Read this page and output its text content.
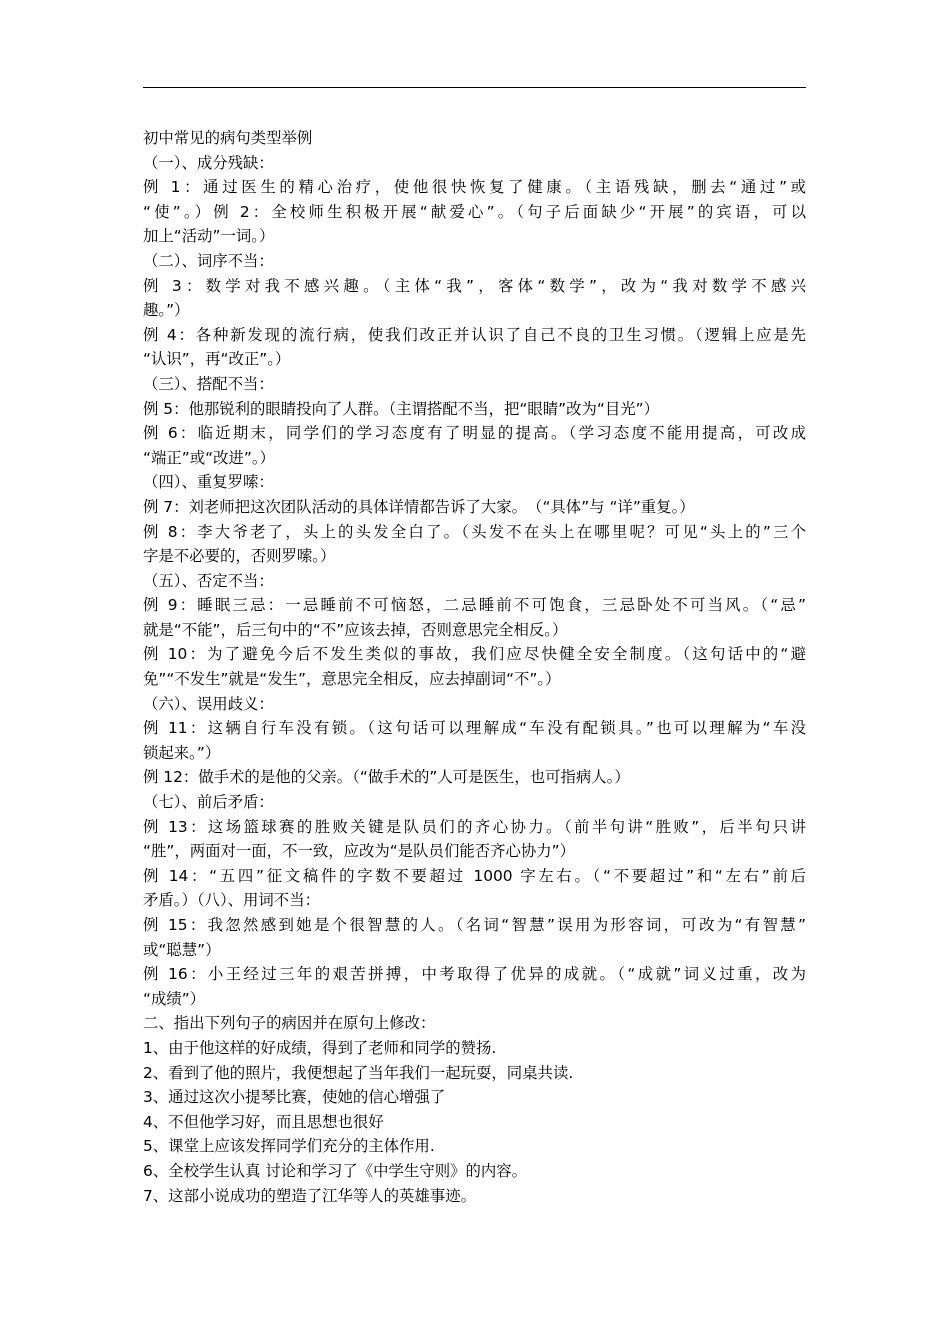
初中常见的病句类型举例
（一）、成分残缺：
例 1：通过医生的精心治疗，使他很快恢复了健康。（主语残缺，删去“通过”或
“使”。）例 2：全校师生积极开展“献爱心”。（句子后面缺少“开展”的宾语，可以
加上“活动”一词。）
（二）、词序不当：
例 3：数学对我不感兴趣。（主体“我”，客体“数学”，改为“我对数学不感兴
趣。”）
例 4：各种新发现的流行病，使我们改正并认识了自己不良的卫生习惯。（逻辑上应是先
“认识”，再“改正”。）
（三）、搭配不当：
例 5：他那锐利的眼睛投向了人群。（主谓搭配不当，把“眼睛”改为“目光”）
例 6：临近期末，同学们的学习态度有了明显的提高。（学习态度不能用提高，可改成
“端正”或“改进”。）
（四）、重复罗嗦：
例 7：刘老师把这次团队活动的具体详情都告诉了大家。　（“具体”与 “详”重复。）
例 8：李大爷老了，头上的头发全白了。（头发不在头上在哪里呢？可见“头上的”三个
字是不必要的，否则罗嗦。）
（五）、否定不当：
例 9：睡眠三忌：一忌睡前不可恼怒，二忌睡前不可饱食，三忌卧处不可当风。（“忌”
就是“不能”，后三句中的“不”应该去掉，否则意思完全相反。）
例 10：为了避免今后不发生类似的事故，我们应尽快健全安全制度。（这句话中的“避
免”“不发生”就是“发生”，意思完全相反，应去掉副词“不”。）
（六）、误用歧义：
例 11：这辆自行车没有锁。（这句话可以理解成“车没有配锁具。”也可以理解为“车没
锁起来。”）
例 12：做手术的是他的父亲。（“做手术的”人可是医生，也可指病人。）
（七）、前后矛盾：
例 13：这场篮球赛的胜败关键是队员们的齐心协力。（前半句讲“胜败”，后半句只讲
“胜”，两面对一面，不一致，应改为“是队员们能否齐心协力”）
例 14：“五四”征文稿件的字数不要超过 1000 字左右。（“不要超过”和“左右”前后
矛盾。）（八）、用词不当：
例 15：我忽然感到她是个很智慧的人。（名词“智慧”误用为形容词，可改为“有智慧”
或“聪慧”）
例 16：小王经过三年的艰苦拼搏，中考取得了优异的成就。（“成就”词义过重，改为
“成绩”）
二、指出下列句子的病因并在原句上修改：
1、由于他这样的好成绩，得到了老师和同学的赞扬.
2、看到了他的照片，我便想起了当年我们一起玩耍，同桌共读.
3、通过这次小提琴比赛，使她的信心增强了
4、不但他学习好，而且思想也很好
5、课堂上应该发挥同学们充分的主体作用.
6、全校学生认真 讨论和学习了《中学生守则》的内容。
7、这部小说成功的塑造了江华等人的英雄事迹。
